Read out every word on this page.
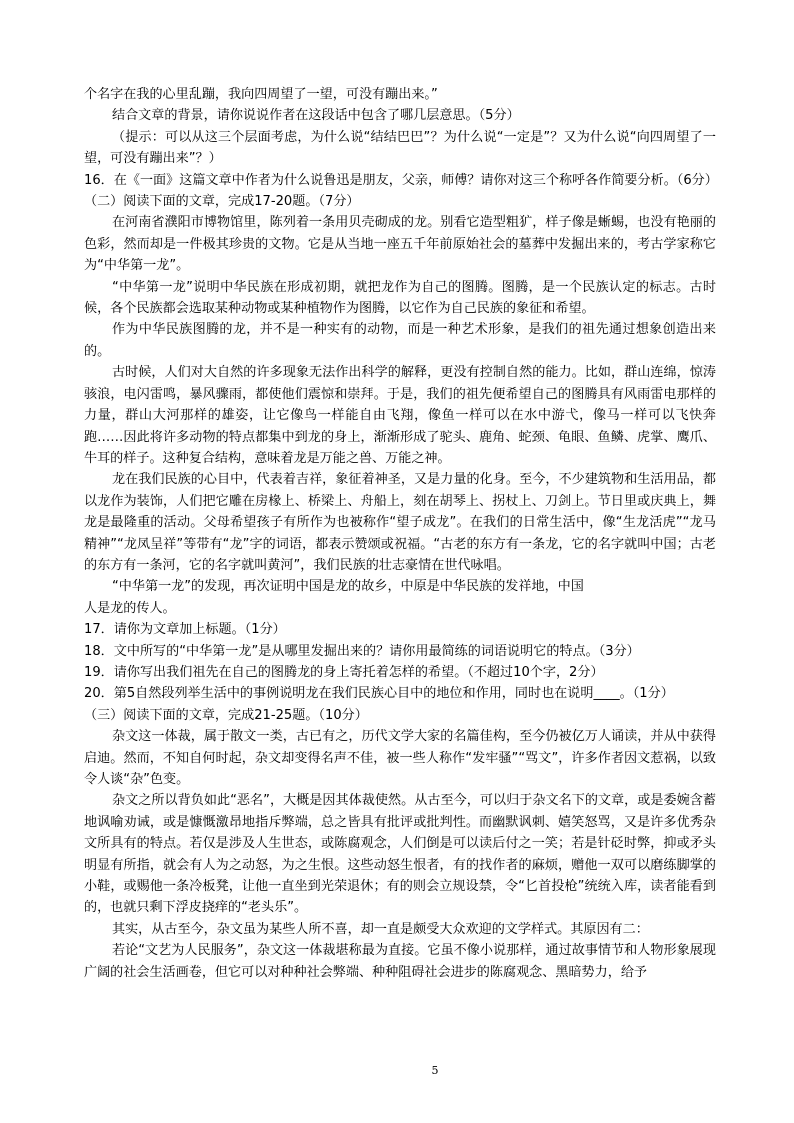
个名字在我的心里乱蹦，我向四周望了一望，可没有蹦出来。”

结合文章的背景，请你说说作者在这段话中包含了哪几层意思。（5分）

（提示：可以从这三个层面考虑，为什么说“结结巴巴”？为什么说“一定是”？又为什么说“向四周望了一望，可没有蹦出来”？）

16．在《一面》这篇文章中作者为什么说鲁迅是朋友，父亲，师傅？请你对这三个称呼各作简要分析。（6分）

（二）阅读下面的文章，完成17-20题。（7分）

在河南省濮阳市博物馆里，陈列着一条用贝壳砌成的龙。别看它造型粗犷，样子像是蜥蜴，也没有艳丽的色彩，然而却是一件极其珍贵的文物。它是从当地一座五千年前原始社会的墓葬中发掘出来的，考古学家称它为“中华第一龙”。

“中华第一龙”说明中华民族在形成初期，就把龙作为自己的图腾。图腾，是一个民族认定的标志。古时候，各个民族都会选取某种动物或某种植物作为图腾，以它作为自己民族的象征和希望。

作为中华民族图腾的龙，并不是一种实有的动物，而是一种艺术形象，是我们的祖先通过想象创造出来的。

古时候，人们对大自然的许多现象无法作出科学的解释，更没有控制自然的能力。比如，群山连绵，惊涛骇浪，电闪雷鸣，暴风骤雨，都使他们震惊和崇拜。于是，我们的祖先便希望自己的图腾具有风雨雷电那样的力量，群山大河那样的雄姿，让它像鸟一样能自由飞翔，像鱼一样可以在水中游弋，像马一样可以飞快奔跑……因此将许多动物的特点都集中到龙的身上，渐渐形成了驼头、鹿角、蛇颈、龟眼、鱼鳞、虎掌、鹰爪、牛耳的样子。这种复合结构，意味着龙是万能之兽、万能之神。

龙在我们民族的心目中，代表着吉祥，象征着神圣，又是力量的化身。至今，不少建筑物和生活用品，都以龙作为装饰，人们把它雕在房椽上、桥梁上、舟船上，刻在胡琴上、拐杖上、刀剑上。节日里或庆典上，舞龙是最隆重的活动。父母希望孩子有所作为也被称作“望子成龙”。在我们的日常生活中，像“生龙活虎”“龙马精神”“龙凤呈祥”等带有“龙”字的词语，都表示赞颂或祝福。“古老的东方有一条龙，它的名字就叫中国；古老的东方有一条河，它的名字就叫黄河”，我们民族的壮志豪情在世代咏唱。

“中华第一龙”的发现，再次证明中国是龙的故乡，中原是中华民族的发祥地，中国

人是龙的传人。

17．请你为文章加上标题。（1分）

18．文中所写的“中华第一龙”是从哪里发掘出来的？请你用最简练的词语说明它的特点。（3分）

19．请你写出我们祖先在自己的图腾龙的身上寄托着怎样的希望。（不超过10个字，2分）

20．第5自然段列举生活中的事例说明龙在我们民族心目中的地位和作用，同时也在说明____。（1分）

（三）阅读下面的文章，完成21-25题。（10分）

杂文这一体裁，属于散文一类，古已有之，历代文学大家的名篇佳构，至今仍被亿万人诵读，并从中获得启迪。然而，不知自何时起，杂文却变得名声不佳，被一些人称作“发牢骚”“骂文”，许多作者因文惹祸，以致令人谈“杂”色变。

杂文之所以背负如此“恶名”，大概是因其体裁使然。从古至今，可以归于杂文名下的文章，或是委婉含蓄地讽喻劝诫，或是慷慨激昂地指斥弊端，总之皆具有批评或批判性。而幽默讽刺、嬉笑怒骂，又是许多优秀杂文所具有的特点。若仅是涉及人生世态，或陈腐观念，人们倒是可以读后付之一笑；若是针砭时弊，抑或矛头明显有所指，就会有人为之动怒，为之生恨。这些动怒生恨者，有的找作者的麻烦，赠他一双可以磨练脚掌的小鞋，或赐他一条冷板凳，让他一直坐到光荣退休；有的则会立规设禁，令“匕首投枪”统统入库，读者能看到的，也就只剩下浮皮挠痒的“老头乐”。

其实，从古至今，杂文虽为某些人所不喜，却一直是颇受大众欢迎的文学样式。其原因有二：

若论“文艺为人民服务”，杂文这一体裁堪称最为直接。它虽不像小说那样，通过故事情节和人物形象展现广阔的社会生活画卷，但它可以对种种社会弊端、种种阻碍社会进步的陈腐观念、黑暗势力，给予

5
